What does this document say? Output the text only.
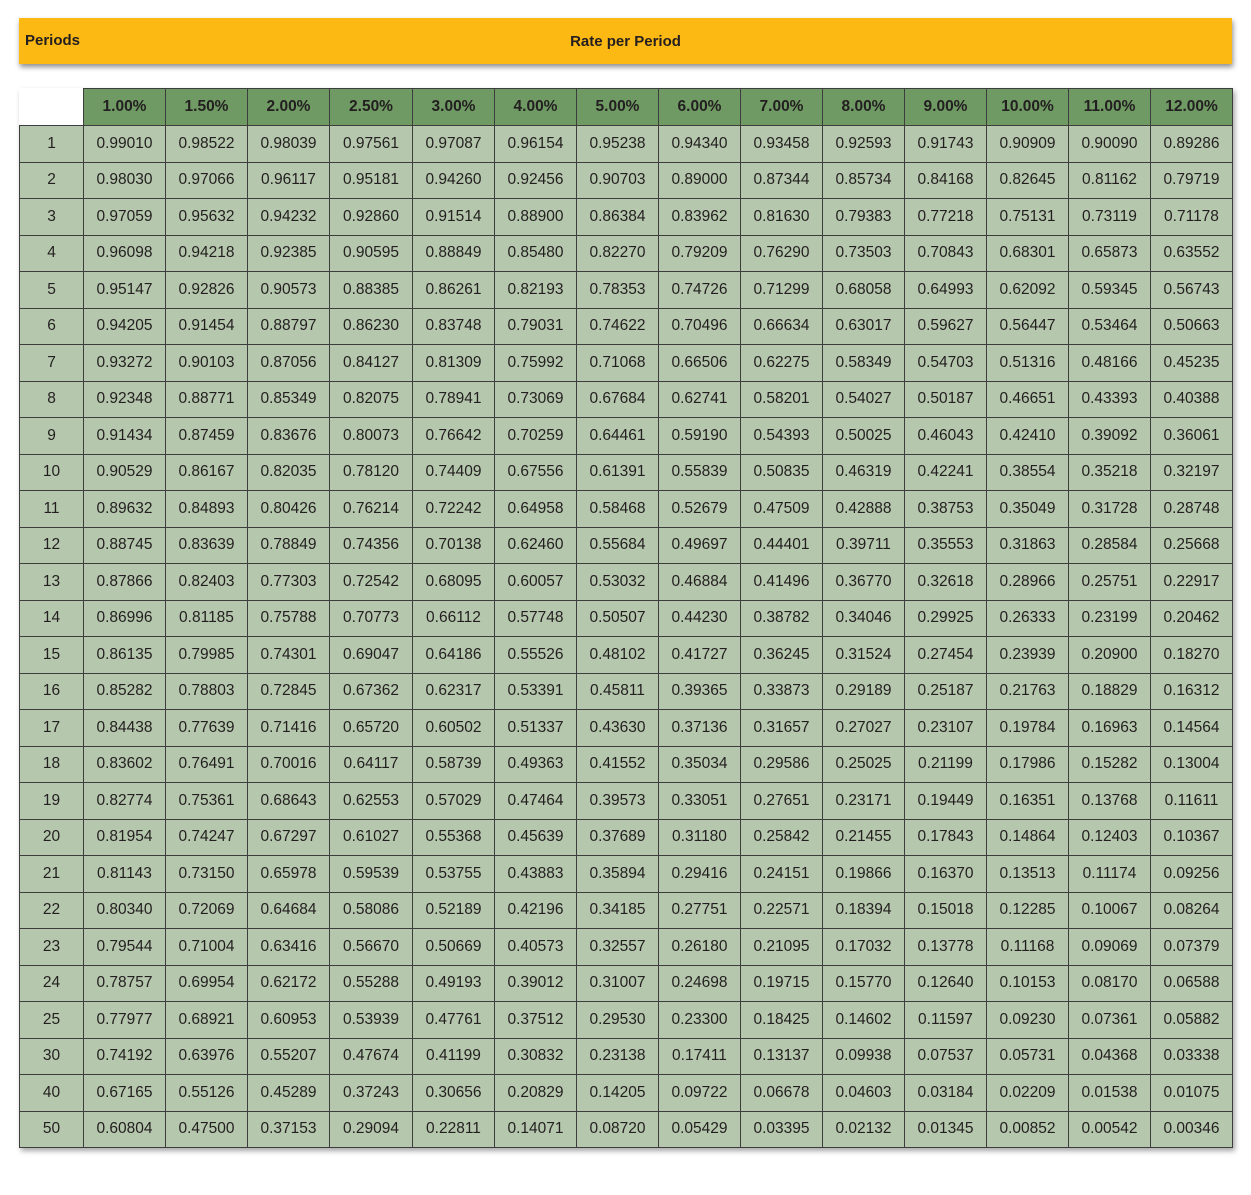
Periods	Rate per Period
	1.00%	1.50%	2.00%	2.50%	3.00%	4.00%	5.00%	6.00%	7.00%	8.00%	9.00%	10.00%	11.00%	12.00%
1	0.99010	0.98522	0.98039	0.97561	0.97087	0.96154	0.95238	0.94340	0.93458	0.92593	0.91743	0.90909	0.90090	0.89286
2	0.98030	0.97066	0.96117	0.95181	0.94260	0.92456	0.90703	0.89000	0.87344	0.85734	0.84168	0.82645	0.81162	0.79719
3	0.97059	0.95632	0.94232	0.92860	0.91514	0.88900	0.86384	0.83962	0.81630	0.79383	0.77218	0.75131	0.73119	0.71178
4	0.96098	0.94218	0.92385	0.90595	0.88849	0.85480	0.82270	0.79209	0.76290	0.73503	0.70843	0.68301	0.65873	0.63552
5	0.95147	0.92826	0.90573	0.88385	0.86261	0.82193	0.78353	0.74726	0.71299	0.68058	0.64993	0.62092	0.59345	0.56743
6	0.94205	0.91454	0.88797	0.86230	0.83748	0.79031	0.74622	0.70496	0.66634	0.63017	0.59627	0.56447	0.53464	0.50663
7	0.93272	0.90103	0.87056	0.84127	0.81309	0.75992	0.71068	0.66506	0.62275	0.58349	0.54703	0.51316	0.48166	0.45235
8	0.92348	0.88771	0.85349	0.82075	0.78941	0.73069	0.67684	0.62741	0.58201	0.54027	0.50187	0.46651	0.43393	0.40388
9	0.91434	0.87459	0.83676	0.80073	0.76642	0.70259	0.64461	0.59190	0.54393	0.50025	0.46043	0.42410	0.39092	0.36061
10	0.90529	0.86167	0.82035	0.78120	0.74409	0.67556	0.61391	0.55839	0.50835	0.46319	0.42241	0.38554	0.35218	0.32197
11	0.89632	0.84893	0.80426	0.76214	0.72242	0.64958	0.58468	0.52679	0.47509	0.42888	0.38753	0.35049	0.31728	0.28748
12	0.88745	0.83639	0.78849	0.74356	0.70138	0.62460	0.55684	0.49697	0.44401	0.39711	0.35553	0.31863	0.28584	0.25668
13	0.87866	0.82403	0.77303	0.72542	0.68095	0.60057	0.53032	0.46884	0.41496	0.36770	0.32618	0.28966	0.25751	0.22917
14	0.86996	0.81185	0.75788	0.70773	0.66112	0.57748	0.50507	0.44230	0.38782	0.34046	0.29925	0.26333	0.23199	0.20462
15	0.86135	0.79985	0.74301	0.69047	0.64186	0.55526	0.48102	0.41727	0.36245	0.31524	0.27454	0.23939	0.20900	0.18270
16	0.85282	0.78803	0.72845	0.67362	0.62317	0.53391	0.45811	0.39365	0.33873	0.29189	0.25187	0.21763	0.18829	0.16312
17	0.84438	0.77639	0.71416	0.65720	0.60502	0.51337	0.43630	0.37136	0.31657	0.27027	0.23107	0.19784	0.16963	0.14564
18	0.83602	0.76491	0.70016	0.64117	0.58739	0.49363	0.41552	0.35034	0.29586	0.25025	0.21199	0.17986	0.15282	0.13004
19	0.82774	0.75361	0.68643	0.62553	0.57029	0.47464	0.39573	0.33051	0.27651	0.23171	0.19449	0.16351	0.13768	0.11611
20	0.81954	0.74247	0.67297	0.61027	0.55368	0.45639	0.37689	0.31180	0.25842	0.21455	0.17843	0.14864	0.12403	0.10367
21	0.81143	0.73150	0.65978	0.59539	0.53755	0.43883	0.35894	0.29416	0.24151	0.19866	0.16370	0.13513	0.11174	0.09256
22	0.80340	0.72069	0.64684	0.58086	0.52189	0.42196	0.34185	0.27751	0.22571	0.18394	0.15018	0.12285	0.10067	0.08264
23	0.79544	0.71004	0.63416	0.56670	0.50669	0.40573	0.32557	0.26180	0.21095	0.17032	0.13778	0.11168	0.09069	0.07379
24	0.78757	0.69954	0.62172	0.55288	0.49193	0.39012	0.31007	0.24698	0.19715	0.15770	0.12640	0.10153	0.08170	0.06588
25	0.77977	0.68921	0.60953	0.53939	0.47761	0.37512	0.29530	0.23300	0.18425	0.14602	0.11597	0.09230	0.07361	0.05882
30	0.74192	0.63976	0.55207	0.47674	0.41199	0.30832	0.23138	0.17411	0.13137	0.09938	0.07537	0.05731	0.04368	0.03338
40	0.67165	0.55126	0.45289	0.37243	0.30656	0.20829	0.14205	0.09722	0.06678	0.04603	0.03184	0.02209	0.01538	0.01075
50	0.60804	0.47500	0.37153	0.29094	0.22811	0.14071	0.08720	0.05429	0.03395	0.02132	0.01345	0.00852	0.00542	0.00346
